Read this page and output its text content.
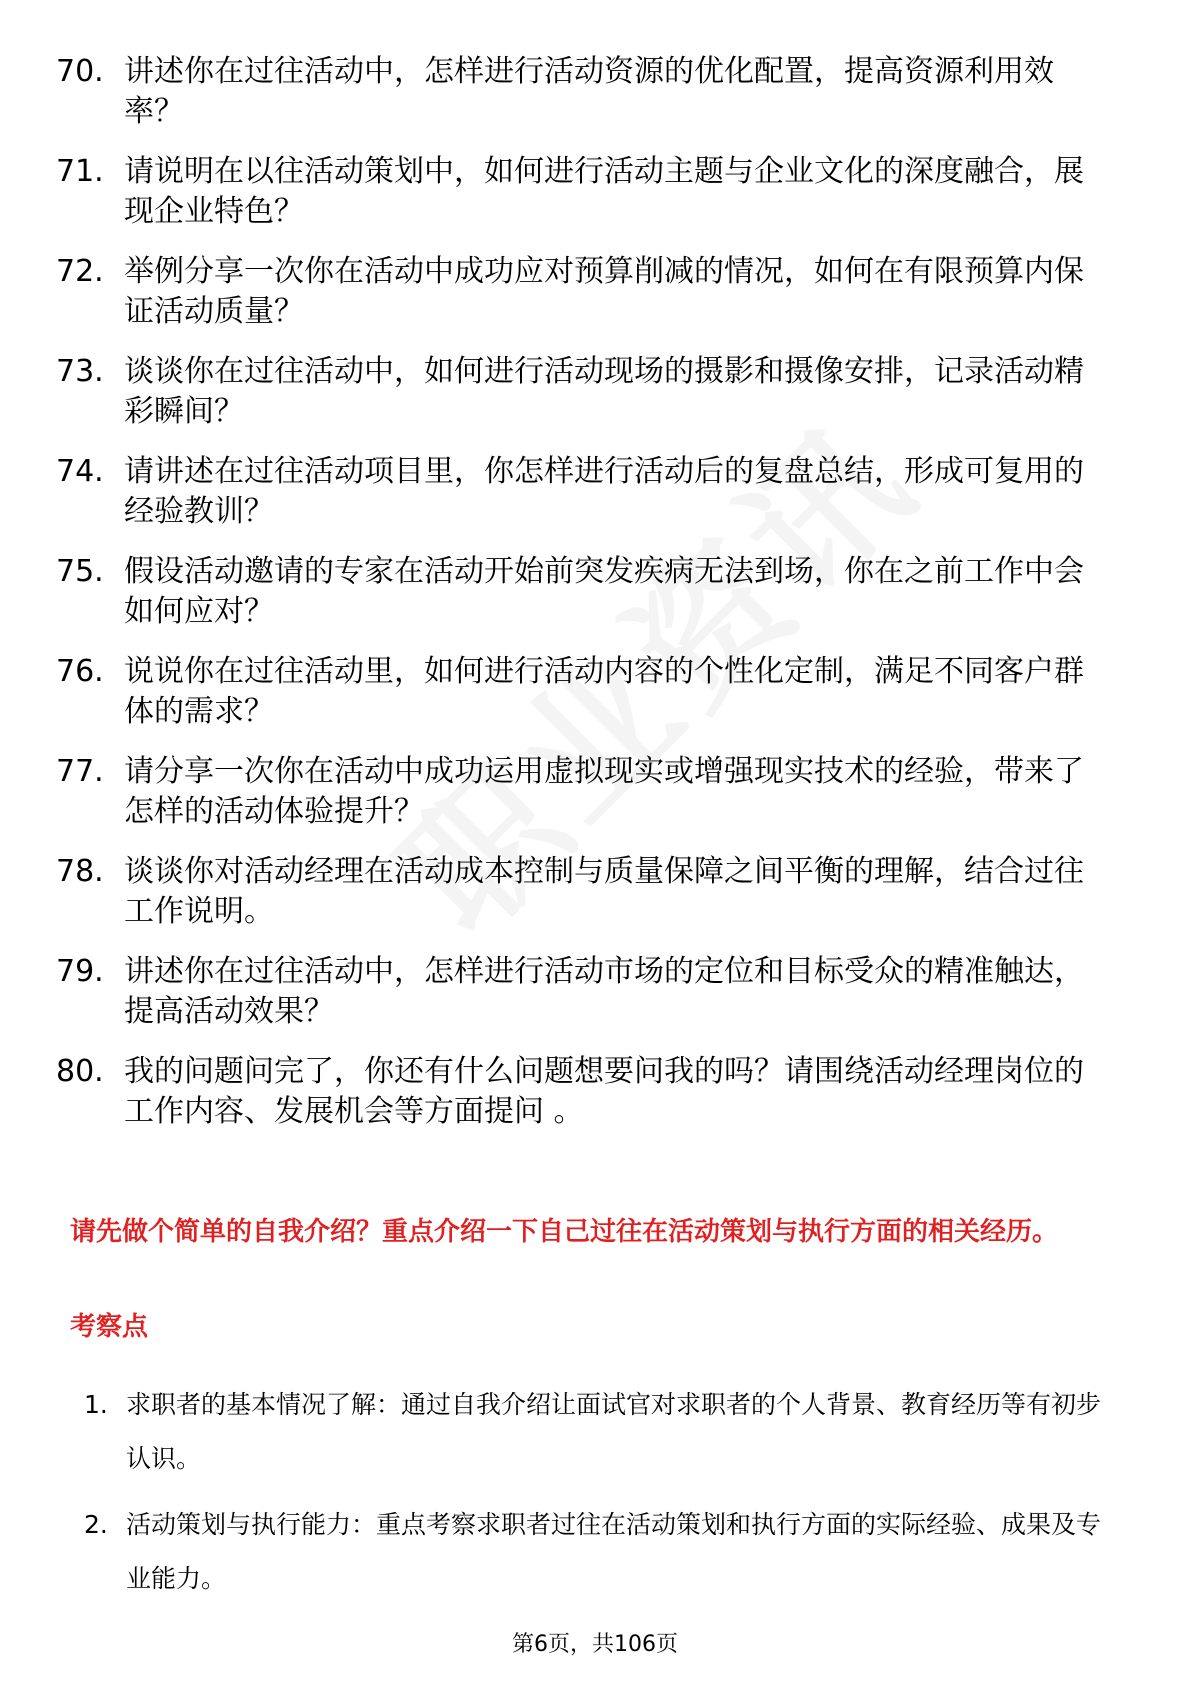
70. 讲述你在过往活动中，怎样进行活动资源的优化配置，提高资源利用效率？
71. 请说明在以往活动策划中，如何进行活动主题与企业文化的深度融合，展现企业特色？
72. 举例分享一次你在活动中成功应对预算削减的情况，如何在有限预算内保证活动质量？
73. 谈谈你在过往活动中，如何进行活动现场的摄影和摄像安排，记录活动精彩瞬间？
74. 请讲述在过往活动项目里，你怎样进行活动后的复盘总结，形成可复用的经验教训？
75. 假设活动邀请的专家在活动开始前突发疾病无法到场，你在之前工作中会如何应对？
76. 说说你在过往活动里，如何进行活动内容的个性化定制，满足不同客户群体的需求？
77. 请分享一次你在活动中成功运用虚拟现实或增强现实技术的经验，带来了怎样的活动体验提升？
78. 谈谈你对活动经理在活动成本控制与质量保障之间平衡的理解，结合过往工作说明。
79. 讲述你在过往活动中，怎样进行活动市场的定位和目标受众的精准触达，提高活动效果？
80. 我的问题问完了，你还有什么问题想要问我的吗？请围绕活动经理岗位的工作内容、发展机会等方面提问 。
请先做个简单的自我介绍？重点介绍一下自己过往在活动策划与执行方面的相关经历。
考察点
1. 求职者的基本情况了解：通过自我介绍让面试官对求职者的个人背景、教育经历等有初步认识。
2. 活动策划与执行能力：重点考察求职者过往在活动策划和执行方面的实际经验、成果及专业能力。
第6页，共106页
